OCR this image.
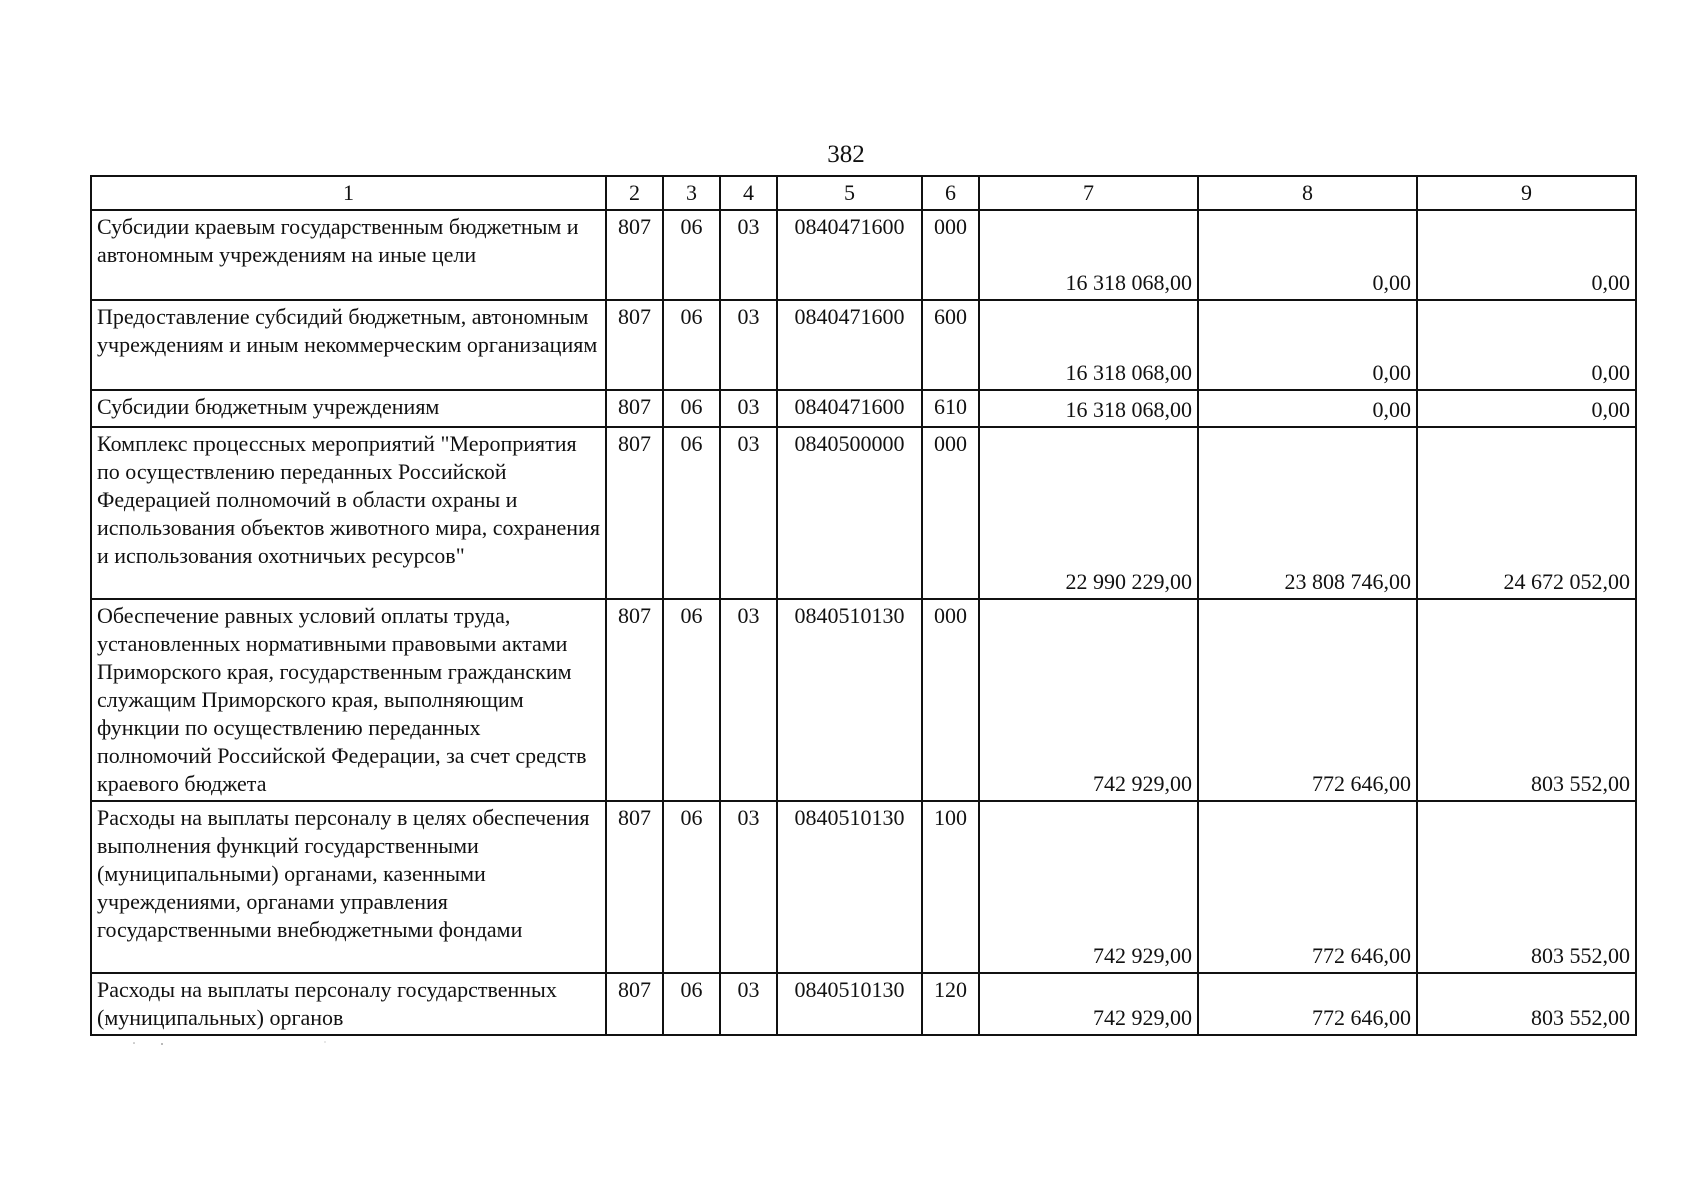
382
1	2	3	4	5	6	7	8	9
Субсидии краевым государственным бюджетным и автономным учреждениям на иные цели	807	06	03	0840471600	000	16 318 068,00	0,00	0,00
Предоставление субсидий бюджетным, автономным учреждениям и иным некоммерческим организациям	807	06	03	0840471600	600	16 318 068,00	0,00	0,00
Субсидии бюджетным учреждениям	807	06	03	0840471600	610	16 318 068,00	0,00	0,00
Комплекс процессных мероприятий "Мероприятия по осуществлению переданных Российской Федерацией полномочий в области охраны и использования объектов животного мира, сохранения и использования охотничьих ресурсов"	807	06	03	0840500000	000	22 990 229,00	23 808 746,00	24 672 052,00
Обеспечение равных условий оплаты труда, установленных нормативными правовыми актами Приморского края, государственным гражданским служащим Приморского края, выполняющим функции по осуществлению переданных полномочий Российской Федерации, за счет средств краевого бюджета	807	06	03	0840510130	000	742 929,00	772 646,00	803 552,00
Расходы на выплаты персоналу в целях обеспечения выполнения функций государственными (муниципальными) органами, казенными учреждениями, органами управления государственными внебюджетными фондами	807	06	03	0840510130	100	742 929,00	772 646,00	803 552,00
Расходы на выплаты персоналу государственных (муниципальных) органов	807	06	03	0840510130	120	742 929,00	772 646,00	803 552,00
